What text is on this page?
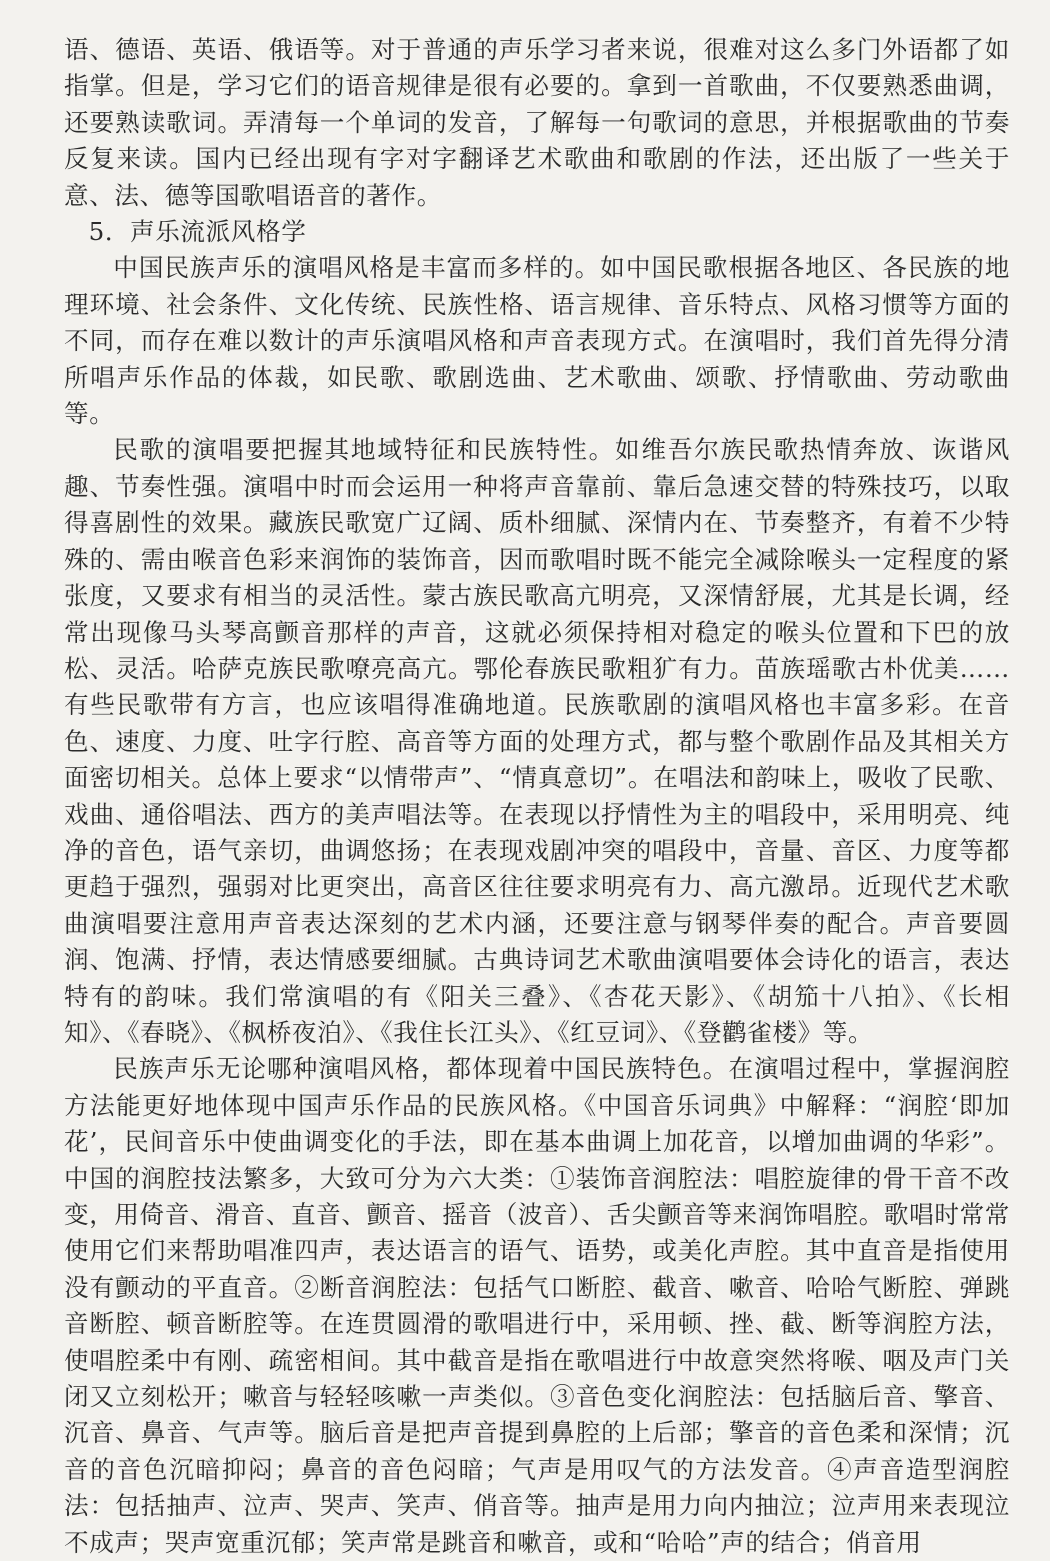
语、德语、英语、俄语等。对于普通的声乐学习者来说，很难对这么多门外语都了如指掌。但是，学习它们的语音规律是很有必要的。拿到一首歌曲，不仅要熟悉曲调，还要熟读歌词。弄清每一个单词的发音，了解每一句歌词的意思，并根据歌曲的节奏反复来读。国内已经出现有字对字翻译艺术歌曲和歌剧的作法，还出版了一些关于意、法、德等国歌唱语音的著作。

5．声乐流派风格学

中国民族声乐的演唱风格是丰富而多样的。如中国民歌根据各地区、各民族的地理环境、社会条件、文化传统、民族性格、语言规律、音乐特点、风格习惯等方面的不同，而存在难以数计的声乐演唱风格和声音表现方式。在演唱时，我们首先得分清所唱声乐作品的体裁，如民歌、歌剧选曲、艺术歌曲、颂歌、抒情歌曲、劳动歌曲等。

民歌的演唱要把握其地域特征和民族特性。如维吾尔族民歌热情奔放、诙谐风趣、节奏性强。演唱中时而会运用一种将声音靠前、靠后急速交替的特殊技巧，以取得喜剧性的效果。藏族民歌宽广辽阔、质朴细腻、深情内在、节奏整齐，有着不少特殊的、需由喉音色彩来润饰的装饰音，因而歌唱时既不能完全减除喉头一定程度的紧张度，又要求有相当的灵活性。蒙古族民歌高亢明亮，又深情舒展，尤其是长调，经常出现像马头琴高颤音那样的声音，这就必须保持相对稳定的喉头位置和下巴的放松、灵活。哈萨克族民歌嘹亮高亢。鄂伦春族民歌粗犷有力。苗族瑶歌古朴优美……有些民歌带有方言，也应该唱得准确地道。民族歌剧的演唱风格也丰富多彩。在音色、速度、力度、吐字行腔、高音等方面的处理方式，都与整个歌剧作品及其相关方面密切相关。总体上要求“以情带声”、“情真意切”。在唱法和韵味上，吸收了民歌、戏曲、通俗唱法、西方的美声唱法等。在表现以抒情性为主的唱段中，采用明亮、纯净的音色，语气亲切，曲调悠扬；在表现戏剧冲突的唱段中，音量、音区、力度等都更趋于强烈，强弱对比更突出，高音区往往要求明亮有力、高亢激昂。近现代艺术歌曲演唱要注意用声音表达深刻的艺术内涵，还要注意与钢琴伴奏的配合。声音要圆润、饱满、抒情，表达情感要细腻。古典诗词艺术歌曲演唱要体会诗化的语言，表达特有的韵味。我们常演唱的有《阳关三叠》、《杏花天影》、《胡笳十八拍》、《长相知》、《春晓》、《枫桥夜泊》、《我住长江头》、《红豆词》、《登鹳雀楼》等。

民族声乐无论哪种演唱风格，都体现着中国民族特色。在演唱过程中，掌握润腔方法能更好地体现中国声乐作品的民族风格。《中国音乐词典》中解释：“润腔‘即加花’，民间音乐中使曲调变化的手法，即在基本曲调上加花音，以增加曲调的华彩”。中国的润腔技法繁多，大致可分为六大类：①装饰音润腔法：唱腔旋律的骨干音不改变，用倚音、滑音、直音、颤音、摇音（波音）、舌尖颤音等来润饰唱腔。歌唱时常常使用它们来帮助唱准四声，表达语言的语气、语势，或美化声腔。其中直音是指使用没有颤动的平直音。②断音润腔法：包括气口断腔、截音、嗽音、哈哈气断腔、弹跳音断腔、顿音断腔等。在连贯圆滑的歌唱进行中，采用顿、挫、截、断等润腔方法，使唱腔柔中有刚、疏密相间。其中截音是指在歌唱进行中故意突然将喉、咽及声门关闭又立刻松开；嗽音与轻轻咳嗽一声类似。③音色变化润腔法：包括脑后音、擎音、沉音、鼻音、气声等。脑后音是把声音提到鼻腔的上后部；擎音的音色柔和深情；沉音的音色沉暗抑闷；鼻音的音色闷暗；气声是用叹气的方法发音。④声音造型润腔法：包括抽声、泣声、哭声、笑声、俏音等。抽声是用力向内抽泣；泣声用来表现泣不成声；哭声宽重沉郁；笑声常是跳音和嗽音，或和“哈哈”声的结合；俏音用
